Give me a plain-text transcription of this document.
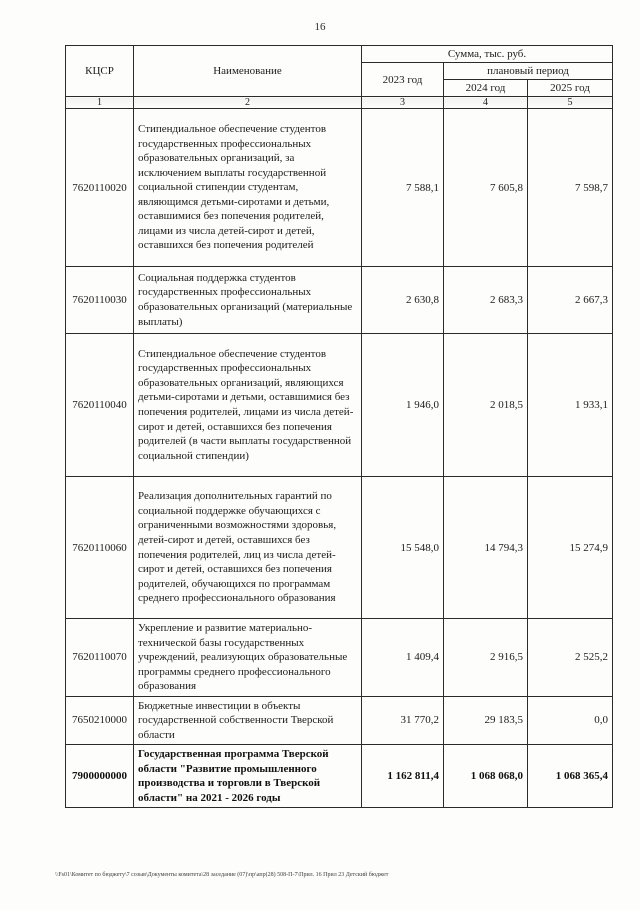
16
КЦСР	Наименование	Сумма, тыс. руб.		
		2023 год	плановый период	
			2024 год	2025 год
1	2	3	4	5
7620110020	Стипендиальное обеспечение студентов государственных профессиональных образовательных организаций, за исключением выплаты государственной социальной стипендии студентам, являющимся детьми-сиротами и детьми, оставшимися без попечения родителей, лицами из числа детей-сирот и детей, оставшихся без попечения родителей	7 588,1	7 605,8	7 598,7
7620110030	Социальная поддержка студентов государственных профессиональных образовательных организаций (материальные выплаты)	2 630,8	2 683,3	2 667,3
7620110040	Стипендиальное обеспечение студентов государственных профессиональных образовательных организаций, являющихся детьми-сиротами и детьми, оставшимися без попечения родителей, лицами из числа детей-сирот и детей, оставшихся без попечения родителей (в части выплаты государственной социальной стипендии)	1 946,0	2 018,5	1 933,1
7620110060	Реализация дополнительных гарантий по социальной поддержке обучающихся с ограниченными возможностями здоровья, детей-сирот и детей, оставшихся без попечения родителей, лиц из числа детей-сирот и детей, оставшихся без попечения родителей, обучающихся по программам среднего профессионального образования	15 548,0	14 794,3	15 274,9
7620110070	Укрепление и развитие материально-технической базы государственных учреждений, реализующих образовательные программы среднего профессионального образования	1 409,4	2 916,5	2 525,2
7650210000	Бюджетные инвестиции в объекты государственной собственности Тверской области	31 770,2	29 183,5	0,0
7900000000	Государственная программа Тверской области "Развитие промышленного производства и торговли в Тверской области" на 2021 - 2026 годы	1 162 811,4	1 068 068,0	1 068 365,4
\\Fs01\Комитет по бюджету\7 созыв\Документы комитета\28 заседание (07)\пр\апр(28) 508-П-7\Прил. 16 Прил 23 Детский бюджет
